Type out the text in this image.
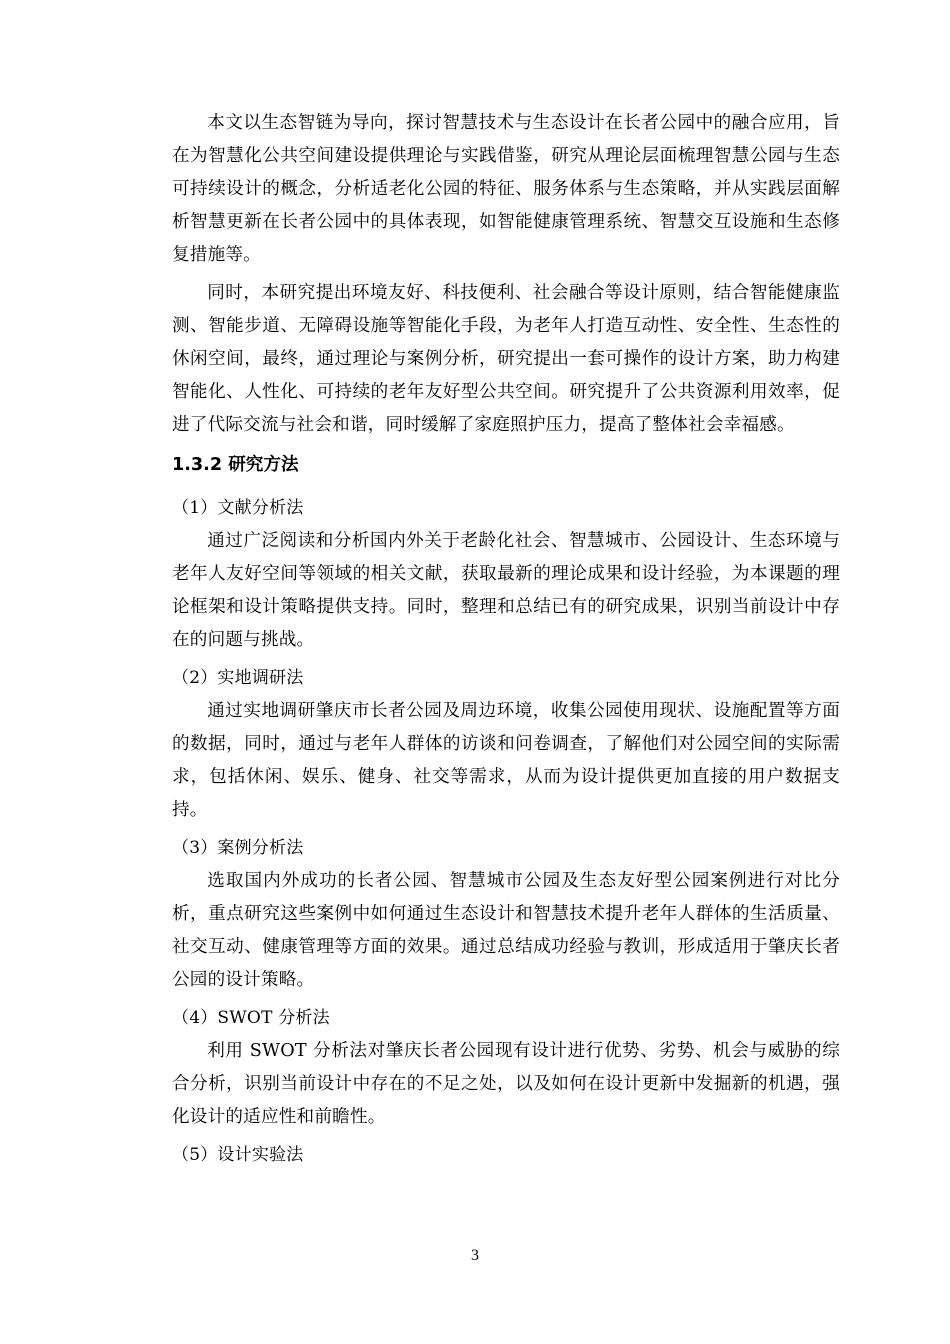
本文以生态智链为导向，探讨智慧技术与生态设计在长者公园中的融合应用，旨在为智慧化公共空间建设提供理论与实践借鉴，研究从理论层面梳理智慧公园与生态可持续设计的概念，分析适老化公园的特征、服务体系与生态策略，并从实践层面解析智慧更新在长者公园中的具体表现，如智能健康管理系统、智慧交互设施和生态修复措施等。

同时，本研究提出环境友好、科技便利、社会融合等设计原则，结合智能健康监测、智能步道、无障碍设施等智能化手段，为老年人打造互动性、安全性、生态性的休闲空间，最终，通过理论与案例分析，研究提出一套可操作的设计方案，助力构建智能化、人性化、可持续的老年友好型公共空间。研究提升了公共资源利用效率，促进了代际交流与社会和谐，同时缓解了家庭照护压力，提高了整体社会幸福感。

1.3.2 研究方法

（1）文献分析法

通过广泛阅读和分析国内外关于老龄化社会、智慧城市、公园设计、生态环境与老年人友好空间等领域的相关文献，获取最新的理论成果和设计经验，为本课题的理论框架和设计策略提供支持。同时，整理和总结已有的研究成果，识别当前设计中存在的问题与挑战。

（2）实地调研法

通过实地调研肇庆市长者公园及周边环境，收集公园使用现状、设施配置等方面的数据，同时，通过与老年人群体的访谈和问卷调查，了解他们对公园空间的实际需求，包括休闲、娱乐、健身、社交等需求，从而为设计提供更加直接的用户数据支持。

（3）案例分析法

选取国内外成功的长者公园、智慧城市公园及生态友好型公园案例进行对比分析，重点研究这些案例中如何通过生态设计和智慧技术提升老年人群体的生活质量、社交互动、健康管理等方面的效果。通过总结成功经验与教训，形成适用于肇庆长者公园的设计策略。

（4）SWOT 分析法

利用 SWOT 分析法对肇庆长者公园现有设计进行优势、劣势、机会与威胁的综合分析，识别当前设计中存在的不足之处，以及如何在设计更新中发掘新的机遇，强化设计的适应性和前瞻性。

（5）设计实验法

3
